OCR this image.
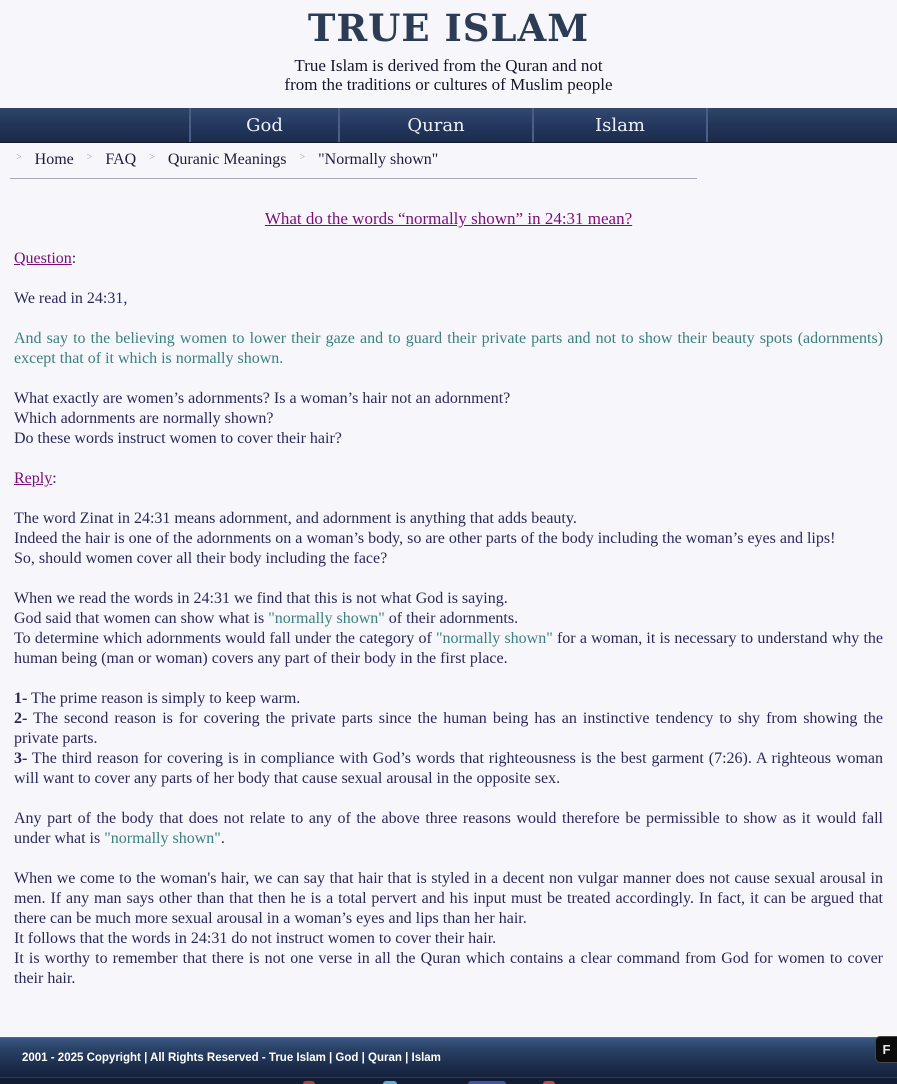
TRUE ISLAM

True Islam is derived from the Quran and not
from the traditions or cultures of Muslim people

God	Quran	Islam
> Home > FAQ > Quranic Meanings > "Normally shown"
What do the words “normally shown” in 24:31 mean?

Question:

We read in 24:31,

And say to the believing women to lower their gaze and to guard their private parts and not to show their beauty spots (adornments) except that of it which is normally shown.

What exactly are women’s adornments? Is a woman’s hair not an adornment?
Which adornments are normally shown?
Do these words instruct women to cover their hair?

Reply:

The word Zinat in 24:31 means adornment, and adornment is anything that adds beauty.
Indeed the hair is one of the adornments on a woman’s body, so are other parts of the body including the woman’s eyes and lips!
So, should women cover all their body including the face?

When we read the words in 24:31 we find that this is not what God is saying.
God said that women can show what is "normally shown" of their adornments.
To determine which adornments would fall under the category of "normally shown" for a woman, it is necessary to understand why the human being (man or woman) covers any part of their body in the first place.

1- The prime reason is simply to keep warm.
2- The second reason is for covering the private parts since the human being has an instinctive tendency to shy from showing the private parts.
3- The third reason for covering is in compliance with God’s words that righteousness is the best garment (7:26). A righteous woman will want to cover any parts of her body that cause sexual arousal in the opposite sex.

Any part of the body that does not relate to any of the above three reasons would therefore be permissible to show as it would fall under what is "normally shown".

When we come to the woman's hair, we can say that hair that is styled in a decent non vulgar manner does not cause sexual arousal in men. If any man says other than that then he is a total pervert and his input must be treated accordingly. In fact, it can be argued that there can be much more sexual arousal in a woman’s eyes and lips than her hair.
It follows that the words in 24:31 do not instruct women to cover their hair.
It is worthy to remember that there is not one verse in all the Quran which contains a clear command from God for women to cover their hair.

2001 - 2025 Copyright | All Rights Reserved - True Islam | God | Quran | Islam
F
